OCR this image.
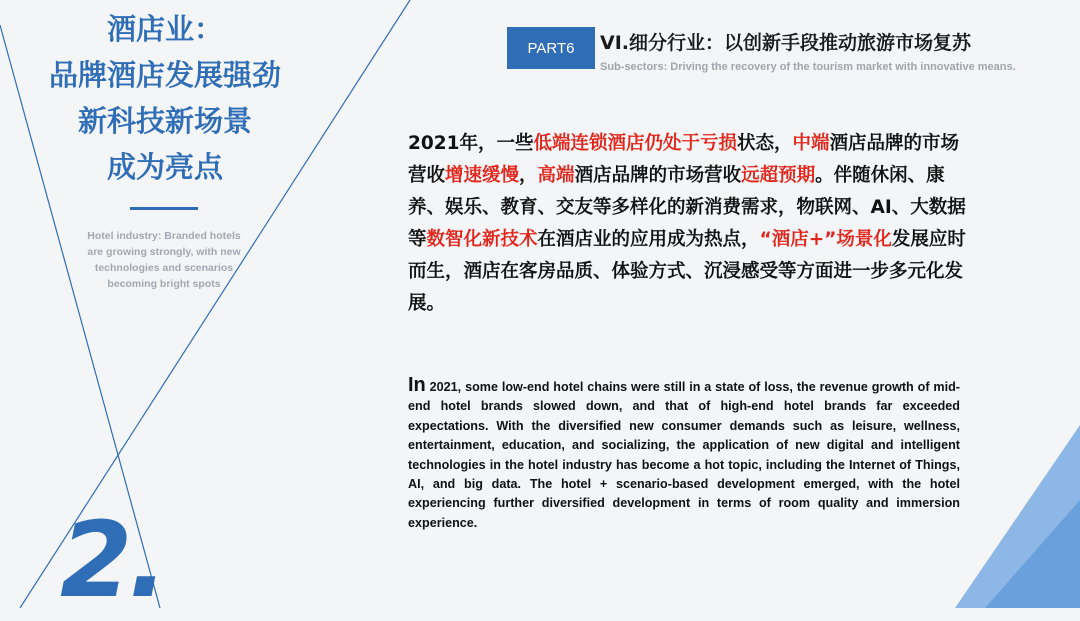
酒店业：
品牌酒店发展强劲
新科技新场景
成为亮点
Hotel industry: Branded hotels
are growing strongly, with new
technologies and scenarios
becoming bright spots
2.
PART6	VI.细分行业：以创新手段推动旅游市场复苏
Sub-sectors: Driving the recovery of the tourism market with innovative means.
2021年，一些低端连锁酒店仍处于亏损状态，中端酒店品牌的市场营收增速缓慢，高端酒店品牌的市场营收远超预期。伴随休闲、康养、娱乐、教育、交友等多样化的新消费需求，物联网、AI、大数据等数智化新技术在酒店业的应用成为热点，“酒店+”场景化发展应时而生，酒店在客房品质、体验方式、沉浸感受等方面进一步多元化发展。
In 2021, some low-end hotel chains were still in a state of loss, the revenue growth of mid-end hotel brands slowed down, and that of high-end hotel brands far exceeded expectations. With the diversified new consumer demands such as leisure, wellness, entertainment, education, and socializing, the application of new digital and intelligent technologies in the hotel industry has become a hot topic, including the Internet of Things, AI, and big data. The hotel + scenario-based development emerged, with the hotel experiencing further diversified development in terms of room quality and immersion experience.
